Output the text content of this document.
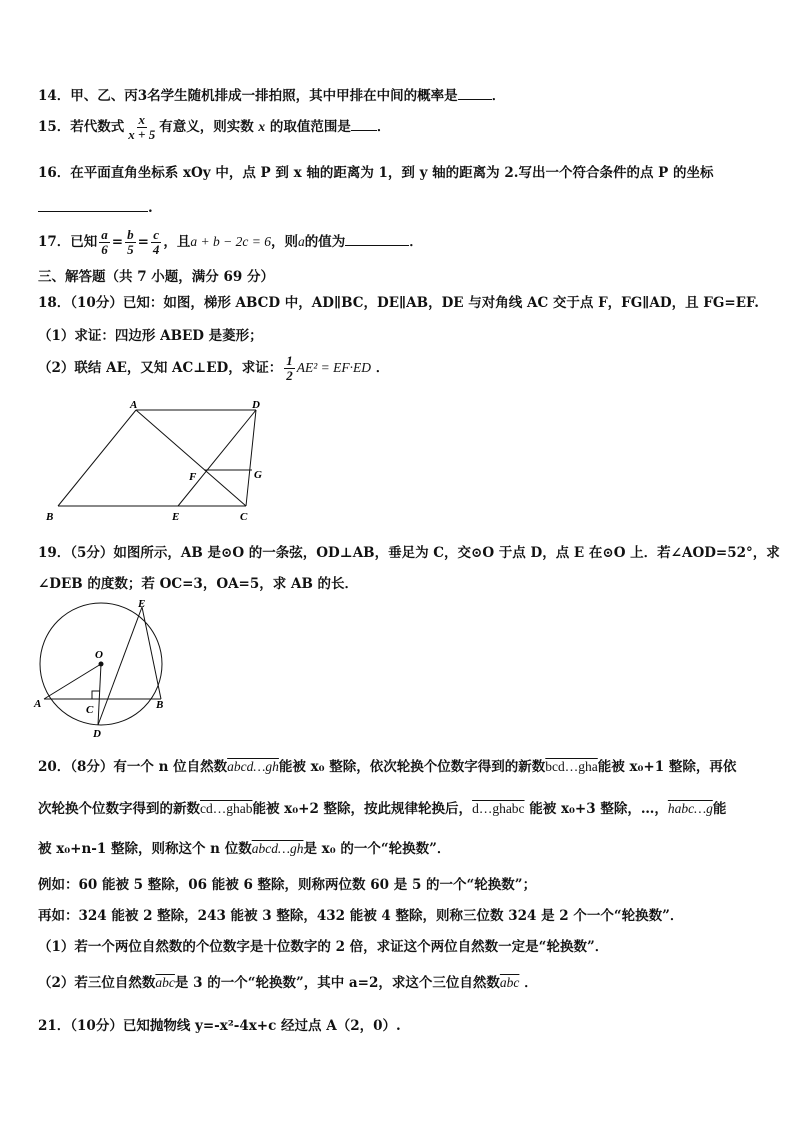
14．甲、乙、丙3名学生随机排成一排拍照，其中甲排在中间的概率是	．
15．若代数式 $\frac{x}{x + 5}$ 有意义，则实数 x 的取值范围是 ．
16．在平面直角坐标系 xOy 中，点 P 到 x 轴的距离为 1，到 y 轴的距离为 2.写出一个符合条件的点 P 的坐标
.
17．已知 $\frac{a}{6} = \frac{b}{5} = \frac{c}{4}$ ，且a + b − 2c = 6，则a的值为	．
三、解答题（共 7 小题，满分 69 分）
18．（10分）已知：如图，梯形 ABCD 中，AD∥BC，DE∥AB，DE 与对角线 AC 交于点 F，FG∥AD，且 FG=EF.
（1）求证：四边形 ABED 是菱形；
（2）联结 AE，又知 AC⊥ED，求证： $\frac{1}{2} AE^2 = EF\cdot ED$ ．
A	D
B	E	C
F	G
19．（5分）如图所示，AB 是⊙O 的一条弦，OD⊥AB，垂足为 C，交⊙O 于点 D，点 E 在⊙O 上．若∠AOD=52°，求
∠DEB 的度数；若 OC=3，OA=5，求 AB 的长．
E
O
A	B
C
D
20．（8分）有一个 n 位自然数abcd…gh能被 x₀ 整除，依次轮换个位数字得到的新数bcd…gha能被 x₀+1 整除，再依
次轮换个位数字得到的新数cd…ghab能被 x₀+2 整除，按此规律轮换后，d…ghabc 能被 x₀+3 整除，…，habc…g能
被 x₀+n-1 整除，则称这个 n 位数abcd…gh是 x₀ 的一个“轮换数”．
例如：60 能被 5 整除，06 能被 6 整除，则称两位数 60 是 5 的一个“轮换数”；
再如：324 能被 2 整除，243 能被 3 整除，432 能被 4 整除，则称三位数 324 是 2 个一个“轮换数”．
（1）若一个两位自然数的个位数字是十位数字的 2 倍，求证这个两位自然数一定是“轮换数”．
（2）若三位自然数$\overline{abc}$是 3 的一个“轮换数”，其中 a=2，求这个三位自然数$\overline{abc}$ ．
21．（10分）已知抛物线 y=-x²-4x+c 经过点 A（2，0）.
